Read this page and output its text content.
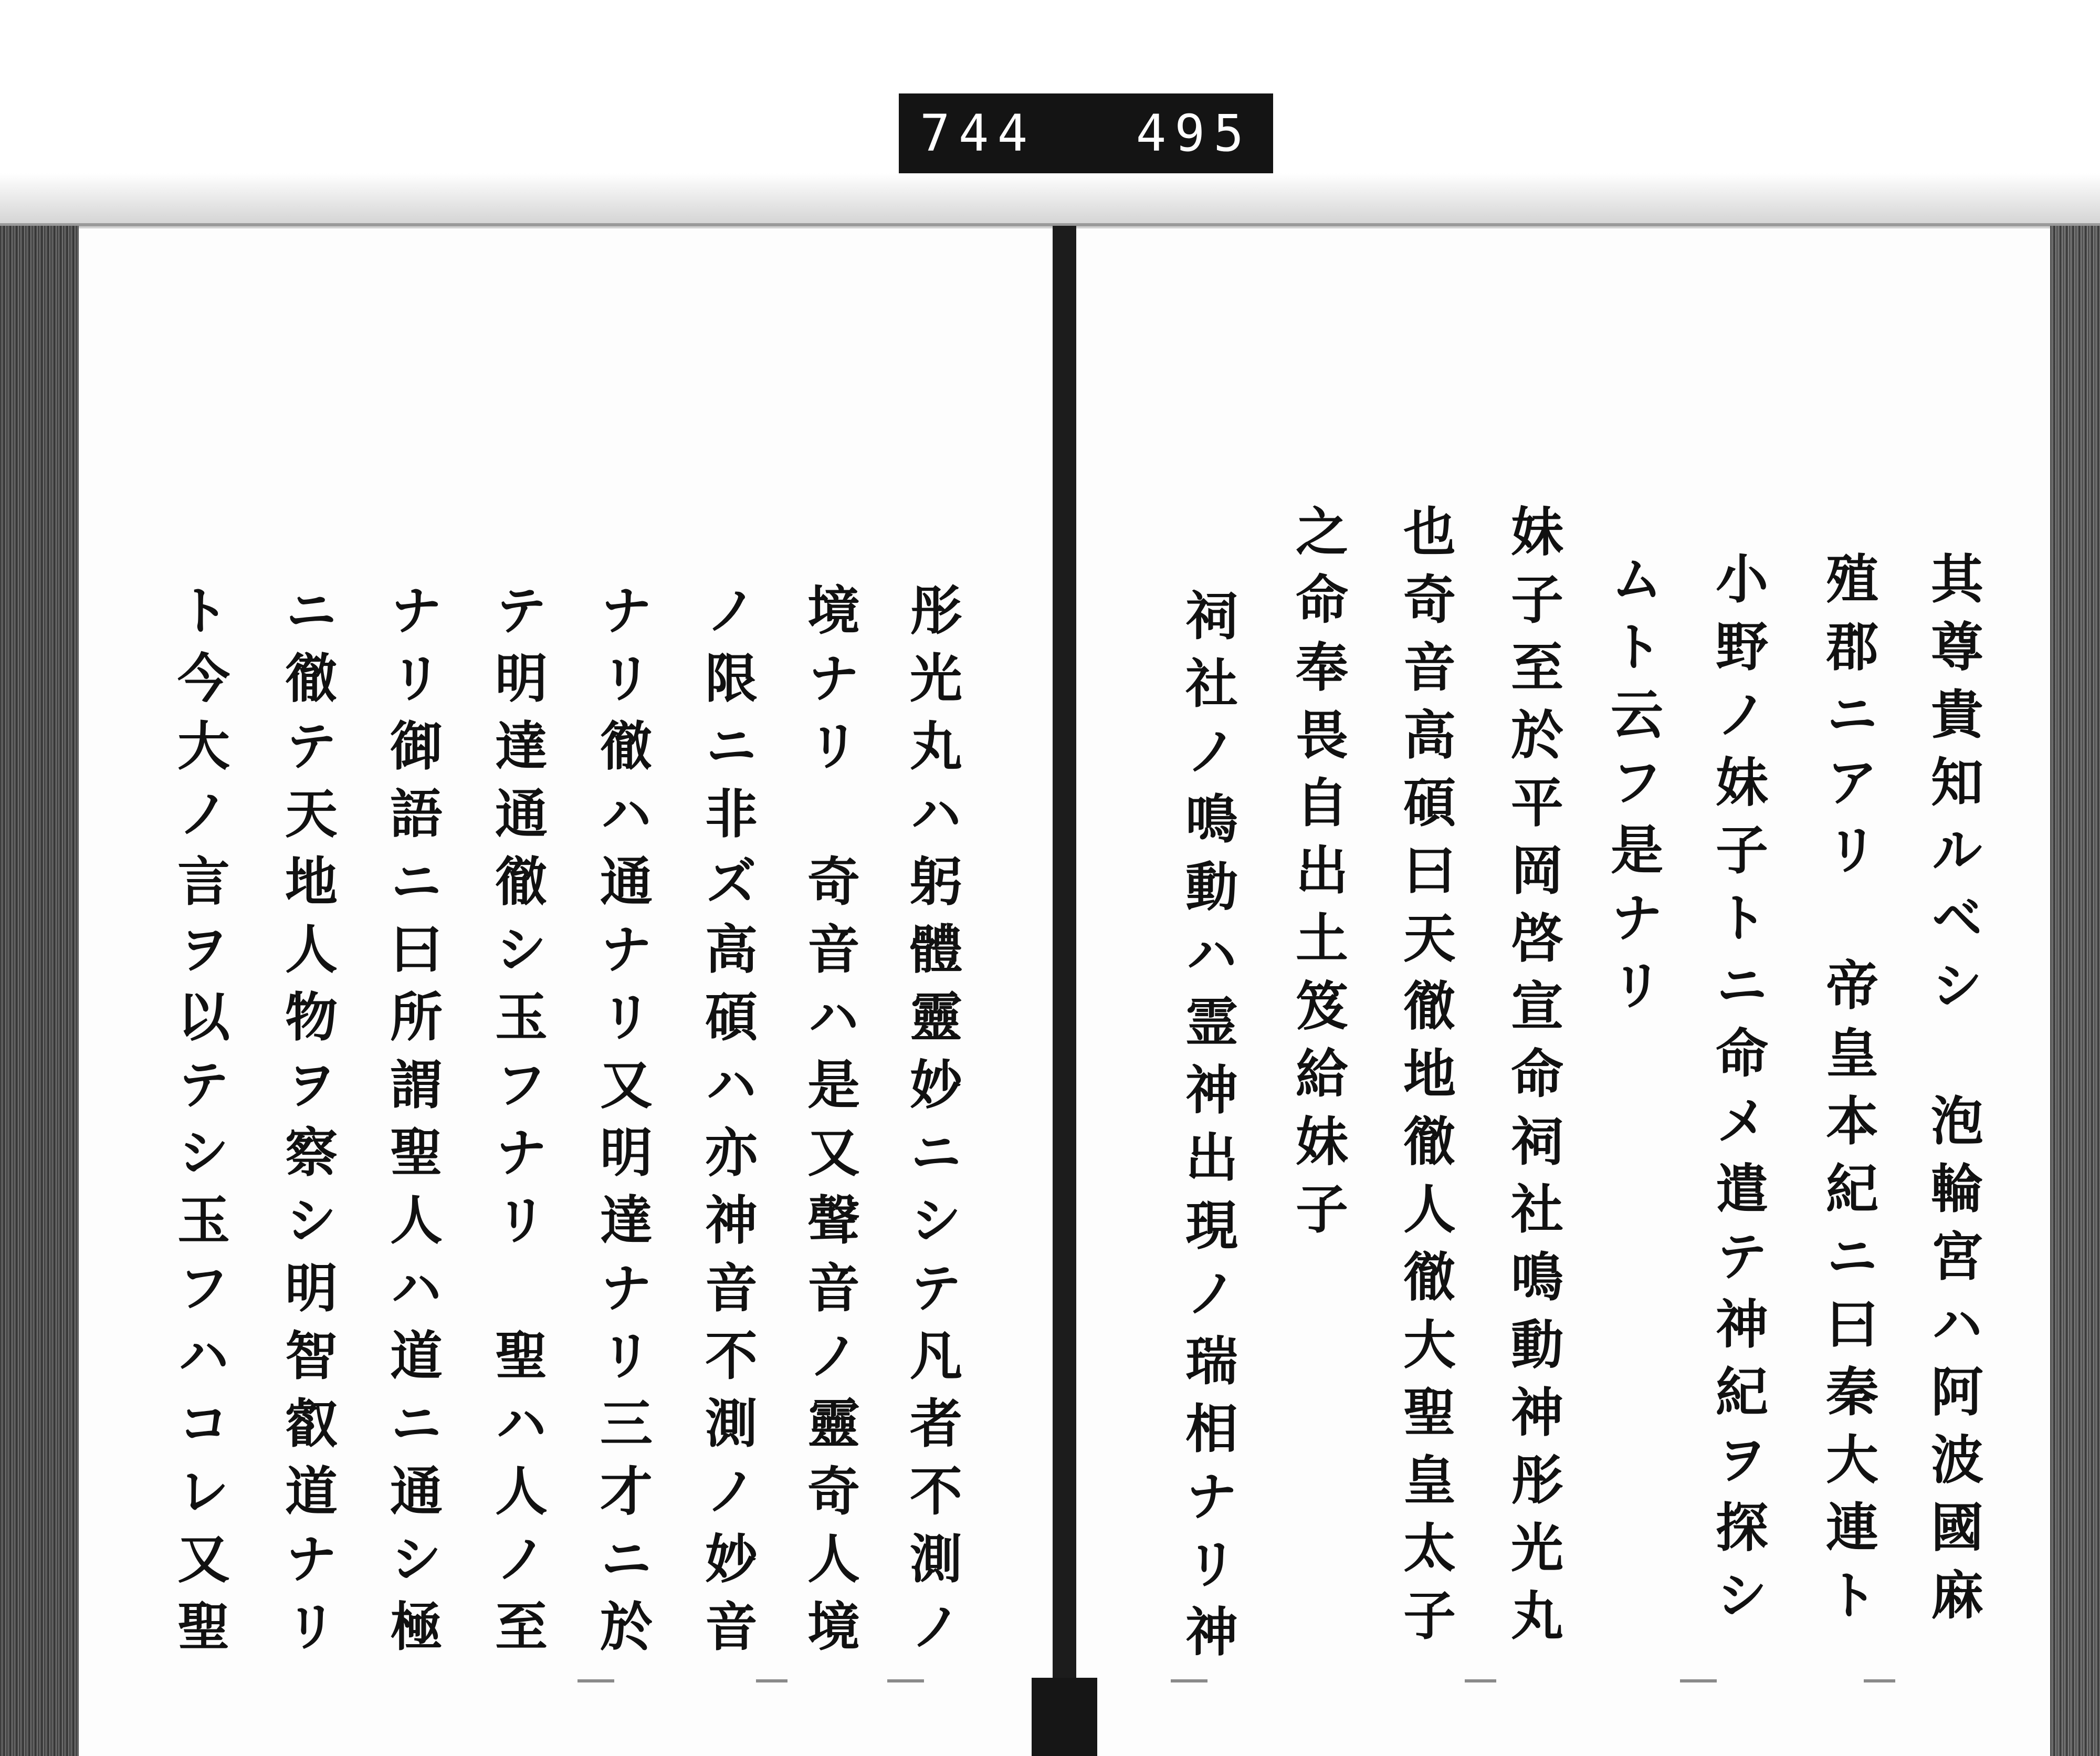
744 495
其尊貴知ルベシ　泡輪宮ハ阿波國麻
殖郡ニアリ　帝皇本紀ニ曰秦大連ト
小野ノ妹子トニ命メ遣テ神紀ヲ探シ
ムト云フ是ナリ
妹子至於平岡啓宣命祠社鳴動神彤光丸
也奇音高碩曰天徹地徹人徹大聖皇太子
之命奉畏自出土笈給妹子
祠社ノ鳴動ハ霊神出現ノ瑞相ナリ神
彤光丸ハ躬體靈妙ニシテ凡者不測ノ
境ナリ　奇音ハ是又聲音ノ靈奇人境
ノ限ニ非ズ高碩ハ亦神音不測ノ妙音
ナリ徹ハ通ナリ又明達ナリ三才ニ於
テ明達通徹シ玉フナリ　聖ハ人ノ至
ナリ御語ニ曰所謂聖人ハ道ニ通シ極
ニ徹テ天地人物ヲ察シ明智叡道ナリ
ト今大ノ言ヲ以テシ玉フハコレ又聖
